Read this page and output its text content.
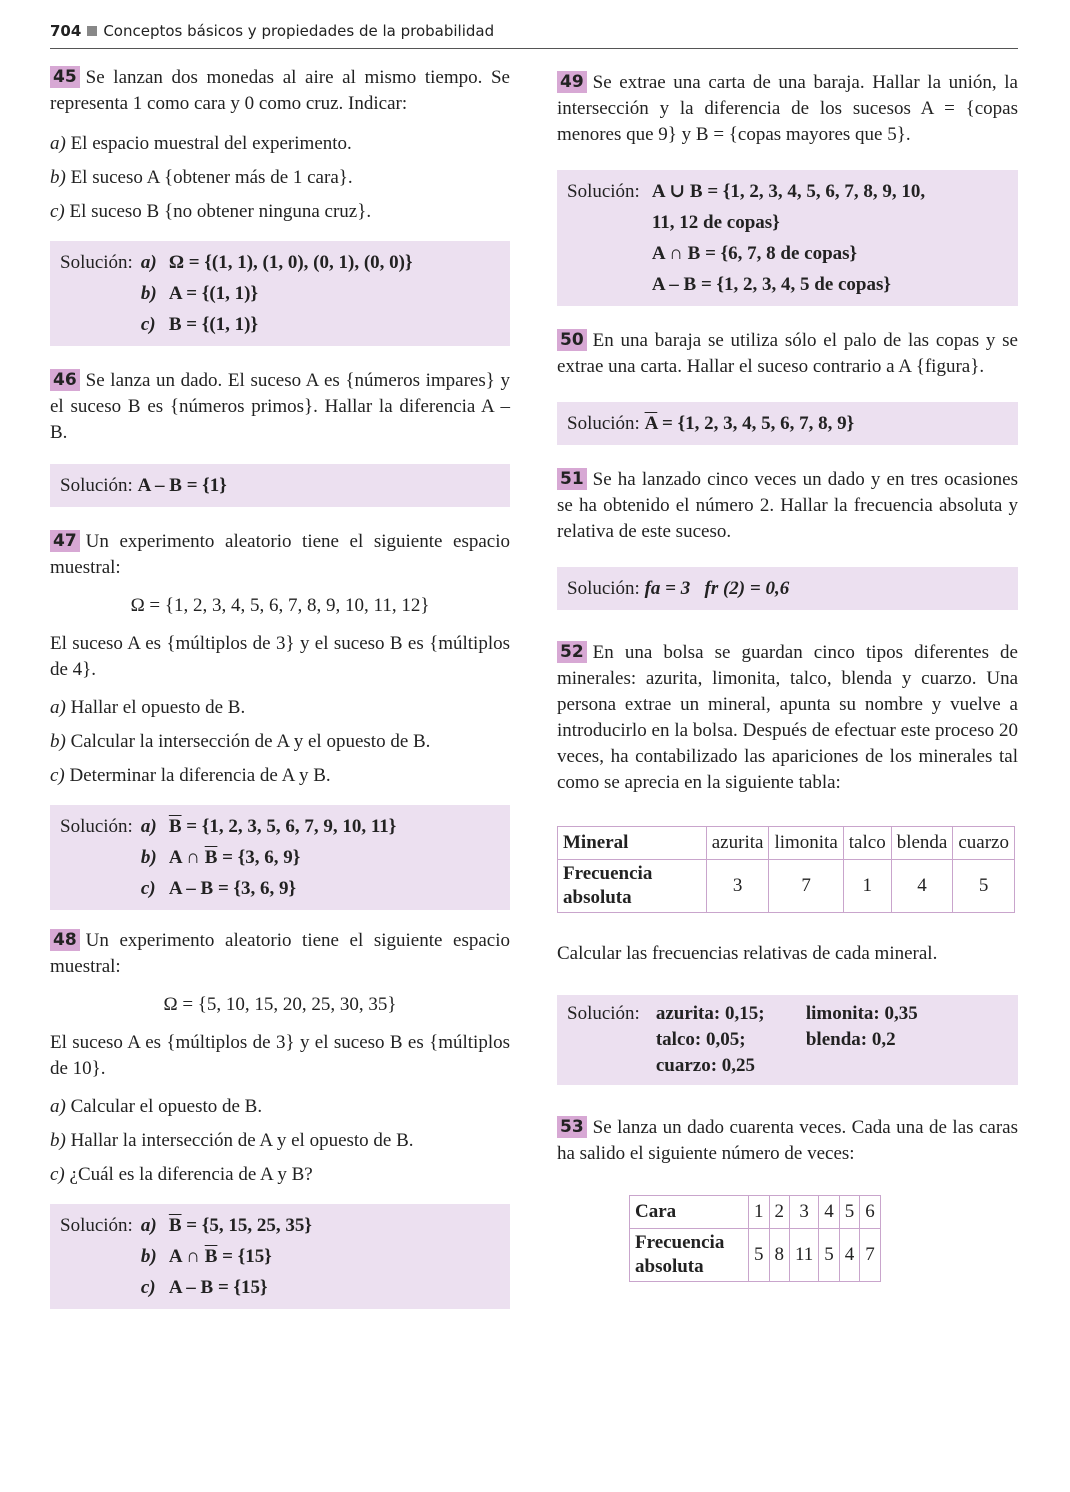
704 Conceptos básicos y propiedades de la probabilidad
45 Se lanzan dos monedas al aire al mismo tiempo. Se representa 1 como cara y 0 como cruz. Indicar:
a) El espacio muestral del experimento.
b) El suceso A {obtener más de 1 cara}.
c) El suceso B {no obtener ninguna cruz}.
Solución: a) Ω = {(1, 1), (1, 0), (0, 1), (0, 0)}
b) A = {(1, 1)}
c) B = {(1, 1)}
46 Se lanza un dado. El suceso A es {números impares} y el suceso B es {números primos}. Hallar la diferencia A – B.
Solución: A – B = {1}
47 Un experimento aleatorio tiene el siguiente espacio muestral:
Ω = {1, 2, 3, 4, 5, 6, 7, 8, 9, 10, 11, 12}
El suceso A es {múltiplos de 3} y el suceso B es {múltiplos de 4}.
a) Hallar el opuesto de B.
b) Calcular la intersección de A y el opuesto de B.
c) Determinar la diferencia de A y B.
Solución: a) $\overline{B} = \{1$, 2, 3, 5, 6, 7, 9, 10, 11}
b) A ∩ $\overline{B} = \{3$, 6, 9}
c) A – B = {3, 6, 9}
48 Un experimento aleatorio tiene el siguiente espacio muestral:
Ω = {5, 10, 15, 20, 25, 30, 35}
El suceso A es {múltiplos de 3} y el suceso B es {múltiplos de 10}.
a) Calcular el opuesto de B.
b) Hallar la intersección de A y el opuesto de B.
c) ¿Cuál es la diferencia de A y B?
Solución: a) $\overline{B} = \{5$, 15, 25, 35}
b) A ∩ $\overline{B} = \{15\}$
c) A – B = {15}
49 Se extrae una carta de una baraja. Hallar la unión, la intersección y la diferencia de los sucesos A = {copas menores que 9} y B = {copas mayores que 5}.
Solución: A ∪ B = {1, 2, 3, 4, 5, 6, 7, 8, 9, 10,
11, 12 de copas}
A ∩ B = {6, 7, 8 de copas}
A – B = {1, 2, 3, 4, 5 de copas}
50 En una baraja se utiliza sólo el palo de las copas y se extrae una carta. Hallar el suceso contrario a A {figura}.
Solución: $\overline{A} = \{1$, 2, 3, 4, 5, 6, 7, 8, 9}
51 Se ha lanzado cinco veces un dado y en tres ocasiones se ha obtenido el número 2. Hallar la frecuencia absoluta y relativa de este suceso.
Solución: fa = 3 fr (2) = 0,6
52 En una bolsa se guardan cinco tipos diferentes de minerales: azurita, limonita, talco, blenda y cuarzo. Una persona extrae un mineral, apunta su nombre y vuelve a introducirlo en la bolsa. Después de efectuar este proceso 20 veces, ha contabilizado las apariciones de los minerales tal como se aprecia en la siguiente tabla:
Mineral	azurita	limonita	talco	blenda	cuarzo
Frecuencia absoluta	3	7	1	4	5
Calcular las frecuencias relativas de cada mineral.
Solución: azurita: 0,15;	limonita: 0,35
talco: 0,05;	blenda: 0,2
cuarzo: 0,25
53 Se lanza un dado cuarenta veces. Cada una de las caras ha salido el siguiente número de veces:
Cara	1	2	3	4	5	6
Frecuencia absoluta	5	8	11	5	4	7
